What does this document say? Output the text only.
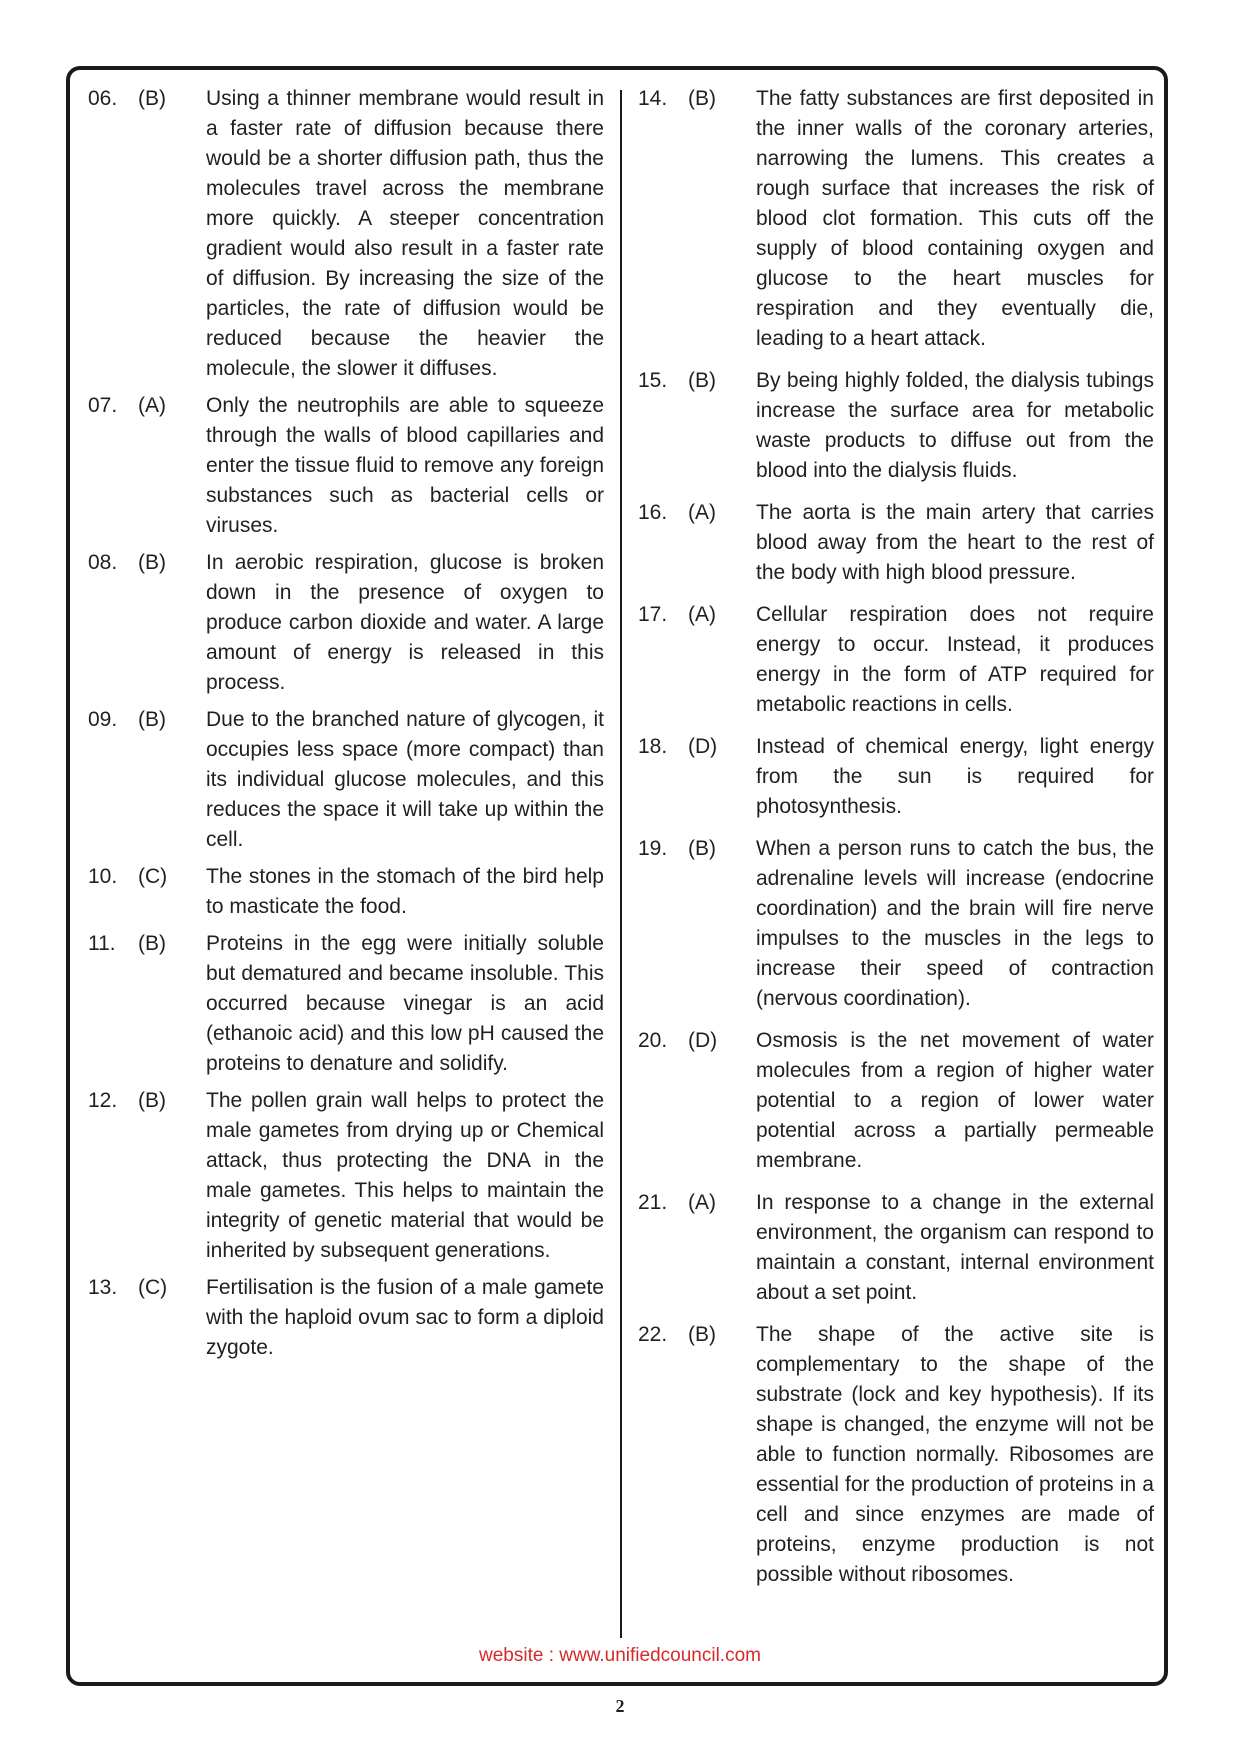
06. (B) Using a thinner membrane would result in a faster rate of diffusion because there would be a shorter diffusion path, thus the molecules travel across the membrane more quickly. A steeper concentration gradient would also result in a faster rate of diffusion. By increasing the size of the particles, the rate of diffusion would be reduced because the heavier the molecule, the slower it diffuses.
07. (A) Only the neutrophils are able to squeeze through the walls of blood capillaries and enter the tissue fluid to remove any foreign substances such as bacterial cells or viruses.
08. (B) In aerobic respiration, glucose is broken down in the presence of oxygen to produce carbon dioxide and water. A large amount of energy is released in this process.
09. (B) Due to the branched nature of glycogen, it occupies less space (more compact) than its individual glucose molecules, and this reduces the space it will take up within the cell.
10. (C) The stones in the stomach of the bird help to masticate the food.
11. (B) Proteins in the egg were initially soluble but dematured and became insoluble. This occurred because vinegar is an acid (ethanoic acid) and this low pH caused the proteins to denature and solidify.
12. (B) The pollen grain wall helps to protect the male gametes from drying up or Chemical attack, thus protecting the DNA in the male gametes. This helps to maintain the integrity of genetic material that would be inherited by subsequent generations.
13. (C) Fertilisation is the fusion of a male gamete with the haploid ovum sac to form a diploid zygote.
14. (B) The fatty substances are first deposited in the inner walls of the coronary arteries, narrowing the lumens. This creates a rough surface that increases the risk of blood clot formation. This cuts off the supply of blood containing oxygen and glucose to the heart muscles for respiration and they eventually die, leading to a heart attack.
15. (B) By being highly folded, the dialysis tubings increase the surface area for metabolic waste products to diffuse out from the blood into the dialysis fluids.
16. (A) The aorta is the main artery that carries blood away from the heart to the rest of the body with high blood pressure.
17. (A) Cellular respiration does not require energy to occur. Instead, it produces energy in the form of ATP required for metabolic reactions in cells.
18. (D) Instead of chemical energy, light energy from the sun is required for photosynthesis.
19. (B) When a person runs to catch the bus, the adrenaline levels will increase (endocrine coordination) and the brain will fire nerve impulses to the muscles in the legs to increase their speed of contraction (nervous coordination).
20. (D) Osmosis is the net movement of water molecules from a region of higher water potential to a region of lower water potential across a partially permeable membrane.
21. (A) In response to a change in the external environment, the organism can respond to maintain a constant, internal environment about a set point.
22. (B) The shape of the active site is complementary to the shape of the substrate (lock and key hypothesis). If its shape is changed, the enzyme will not be able to function normally. Ribosomes are essential for the production of proteins in a cell and since enzymes are made of proteins, enzyme production is not possible without ribosomes.
website : www.unifiedcouncil.com
2
